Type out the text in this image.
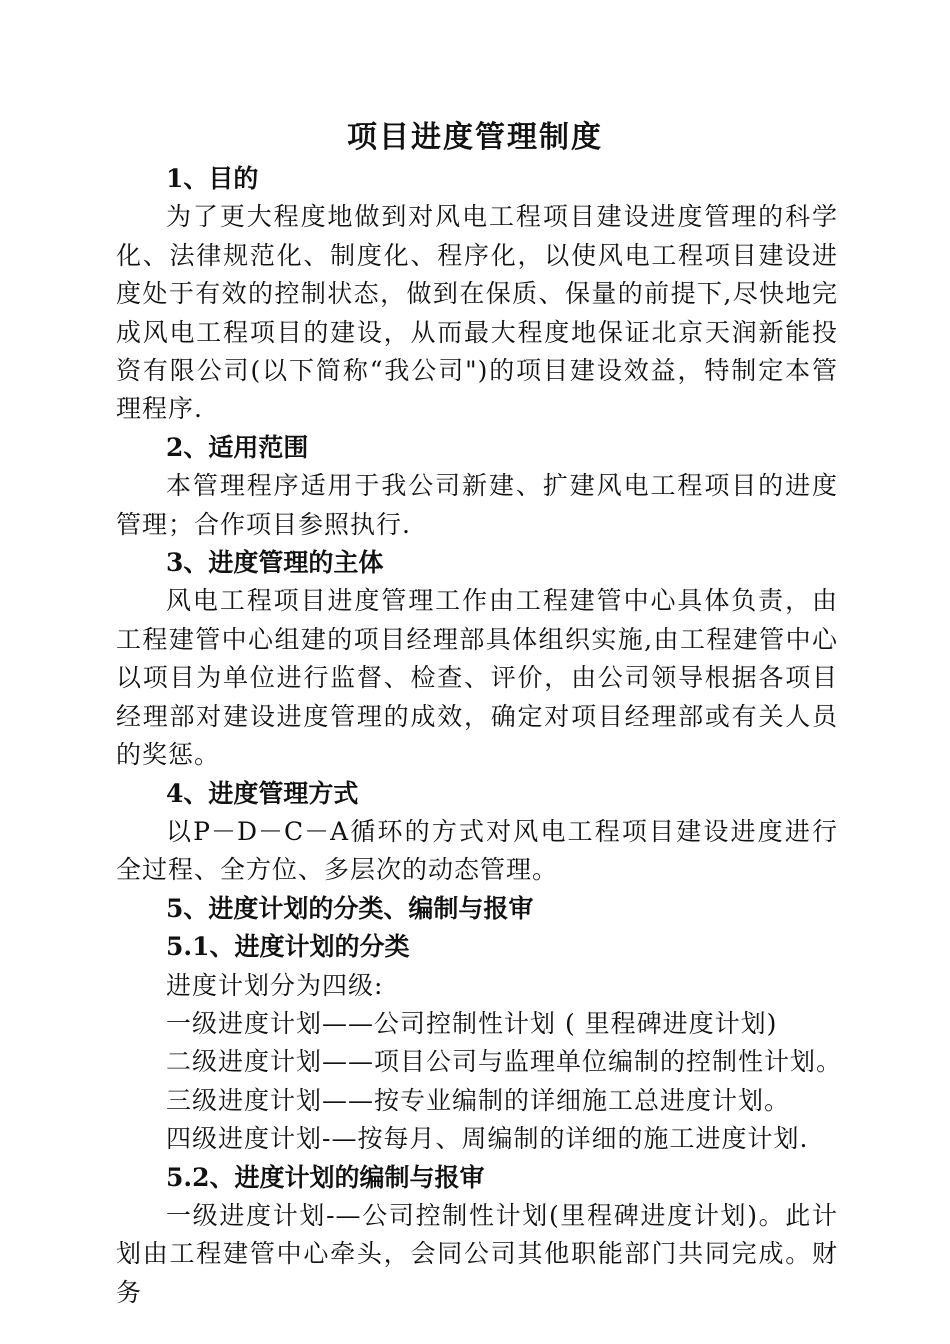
项目进度管理制度
1、目的
为了更大程度地做到对风电工程项目建设进度管理的科学化、法律规范化、制度化、程序化，以使风电工程项目建设进度处于有效的控制状态，做到在保质、保量的前提下,尽快地完成风电工程项目的建设，从而最大程度地保证北京天润新能投资有限公司(以下简称“我公司")的项目建设效益，特制定本管理程序.
2、适用范围
本管理程序适用于我公司新建、扩建风电工程项目的进度管理；合作项目参照执行.
3、进度管理的主体
风电工程项目进度管理工作由工程建管中心具体负责，由工程建管中心组建的项目经理部具体组织实施,由工程建管中心以项目为单位进行监督、检查、评价，由公司领导根据各项目经理部对建设进度管理的成效，确定对项目经理部或有关人员的奖惩。
4、进度管理方式
以P－D－C－A循环的方式对风电工程项目建设进度进行全过程、全方位、多层次的动态管理。
5、进度计划的分类、编制与报审
5.1、进度计划的分类
进度计划分为四级:
一级进度计划——公司控制性计划 ( 里程碑进度计划)
二级进度计划——项目公司与监理单位编制的控制性计划。
三级进度计划——按专业编制的详细施工总进度计划。
四级进度计划-—按每月、周编制的详细的施工进度计划.
5.2、进度计划的编制与报审
一级进度计划-—公司控制性计划(里程碑进度计划)。此计划由工程建管中心牵头，会同公司其他职能部门共同完成。财务
